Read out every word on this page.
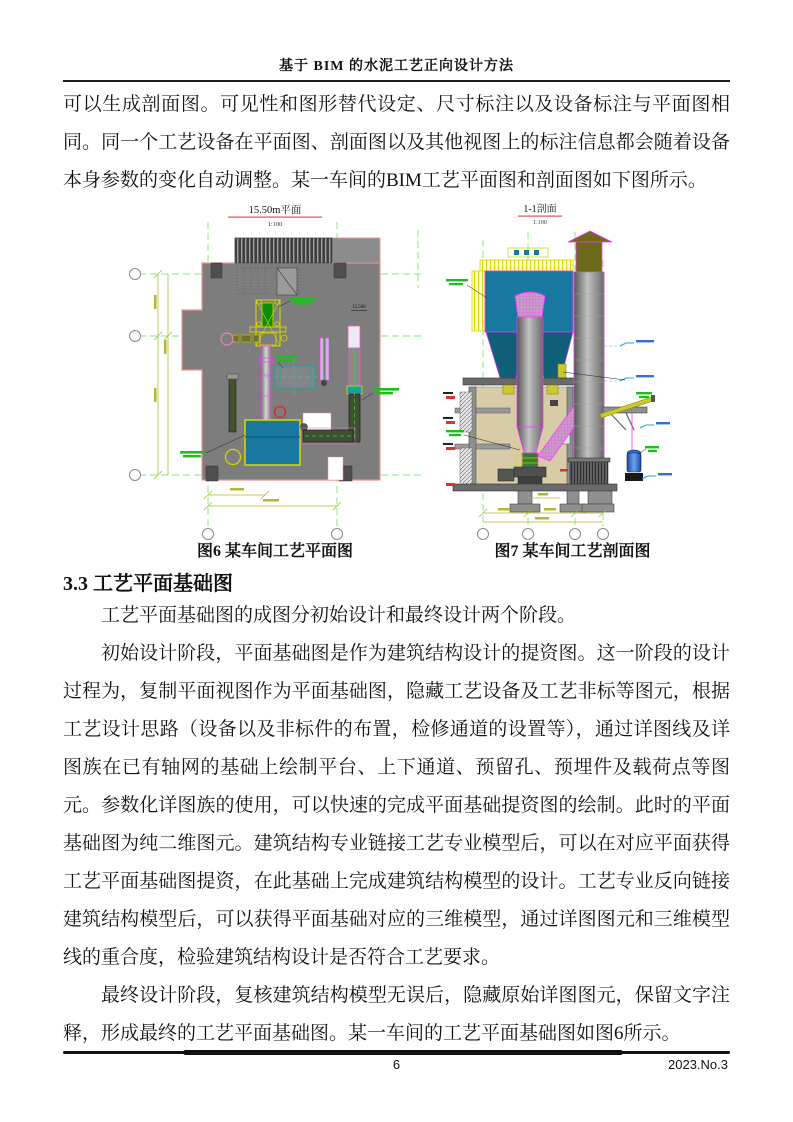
基于 BIM 的水泥工艺正向设计方法
可以生成剖面图。可见性和图形替代设定、尺寸标注以及设备标注与平面图相同。同一个工艺设备在平面图、剖面图以及其他视图上的标注信息都会随着设备本身参数的变化自动调整。某一车间的BIM工艺平面图和剖面图如下图所示。
15.50m平面
1:100
15.500
图6 某车间工艺平面图
1-1剖面
1:100
图7 某车间工艺剖面图
3.3 工艺平面基础图
工艺平面基础图的成图分初始设计和最终设计两个阶段。
初始设计阶段，平面基础图是作为建筑结构设计的提资图。这一阶段的设计过程为，复制平面视图作为平面基础图，隐藏工艺设备及工艺非标等图元，根据工艺设计思路（设备以及非标件的布置，检修通道的设置等），通过详图线及详图族在已有轴网的基础上绘制平台、上下通道、预留孔、预埋件及载荷点等图元。参数化详图族的使用，可以快速的完成平面基础提资图的绘制。此时的平面基础图为纯二维图元。建筑结构专业链接工艺专业模型后，可以在对应平面获得工艺平面基础图提资，在此基础上完成建筑结构模型的设计。工艺专业反向链接建筑结构模型后，可以获得平面基础对应的三维模型，通过详图图元和三维模型线的重合度，检验建筑结构设计是否符合工艺要求。
最终设计阶段，复核建筑结构模型无误后，隐藏原始详图图元，保留文字注释，形成最终的工艺平面基础图。某一车间的工艺平面基础图如图6所示。
6	2023.No.3
